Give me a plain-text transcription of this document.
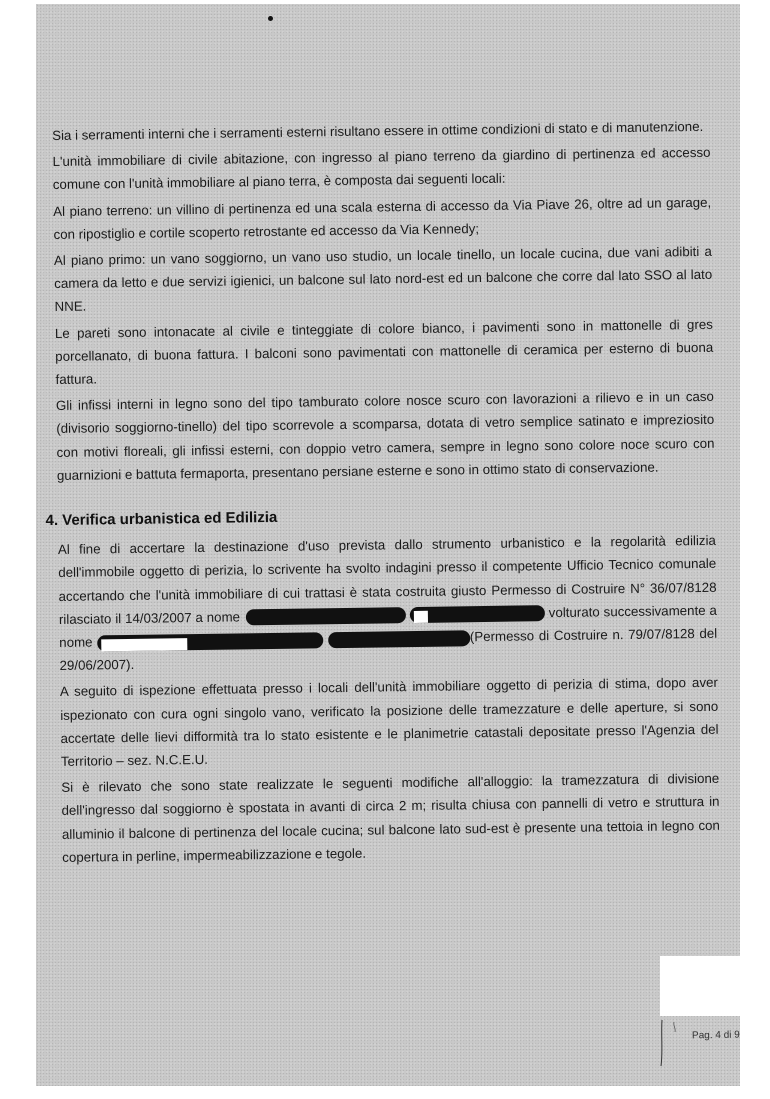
Sia i serramenti interni che i serramenti esterni risultano essere in ottime condizioni di stato e di manutenzione.

L'unità immobiliare di civile abitazione, con ingresso al piano terreno da giardino di pertinenza ed accesso comune con l'unità immobiliare al piano terra, è composta dai seguenti locali:

Al piano terreno: un villino di pertinenza ed una scala esterna di accesso da Via Piave 26, oltre ad un garage, con ripostiglio e cortile scoperto retrostante ed accesso da Via Kennedy;

Al piano primo: un vano soggiorno, un vano uso studio, un locale tinello, un locale cucina, due vani adibiti a camera da letto e due servizi igienici, un balcone sul lato nord-est ed un balcone che corre dal lato SSO al lato NNE.

Le pareti sono intonacate al civile e tinteggiate di colore bianco, i pavimenti sono in mattonelle di gres porcellanato, di buona fattura. I balconi sono pavimentati con mattonelle di ceramica per esterno di buona fattura.

Gli infissi interni in legno sono del tipo tamburato colore nosce scuro con lavorazioni a rilievo e in un caso (divisorio soggiorno-tinello) del tipo scorrevole a scomparsa, dotata di vetro semplice satinato e impreziosito con motivi floreali, gli infissi esterni, con doppio vetro camera, sempre in legno sono colore noce scuro con guarnizioni e battuta fermaporta, presentano persiane esterne e sono in ottimo stato di conservazione.

4. Verifica urbanistica ed Edilizia

Al fine di accertare la destinazione d'uso prevista dallo strumento urbanistico e la regolarità edilizia dell'immobile oggetto di perizia, lo scrivente ha svolto indagini presso il competente Ufficio Tecnico comunale accertando che l'unità immobiliare di cui trattasi è stata costruita giusto Permesso di Costruire N° 36/07/8128 rilasciato il 14/03/2007 a nome	volturato successivamente a nome	(Permesso di Costruire n. 79/07/8128 del 29/06/2007).

A seguito di ispezione effettuata presso i locali dell'unità immobiliare oggetto di perizia di stima, dopo aver ispezionato con cura ogni singolo vano, verificato la posizione delle tramezzature e delle aperture, si sono accertate delle lievi difformità tra lo stato esistente e le planimetrie catastali depositate presso l'Agenzia del Territorio – sez. N.C.E.U.

Si è rilevato che sono state realizzate le seguenti modifiche all'alloggio: la tramezzatura di divisione dell'ingresso dal soggiorno è spostata in avanti di circa 2 m; risulta chiusa con pannelli di vetro e struttura in alluminio il balcone di pertinenza del locale cucina; sul balcone lato sud-est è presente una tettoia in legno con copertura in perline, impermeabilizzazione e tegole.

Pag. 4 di 9
